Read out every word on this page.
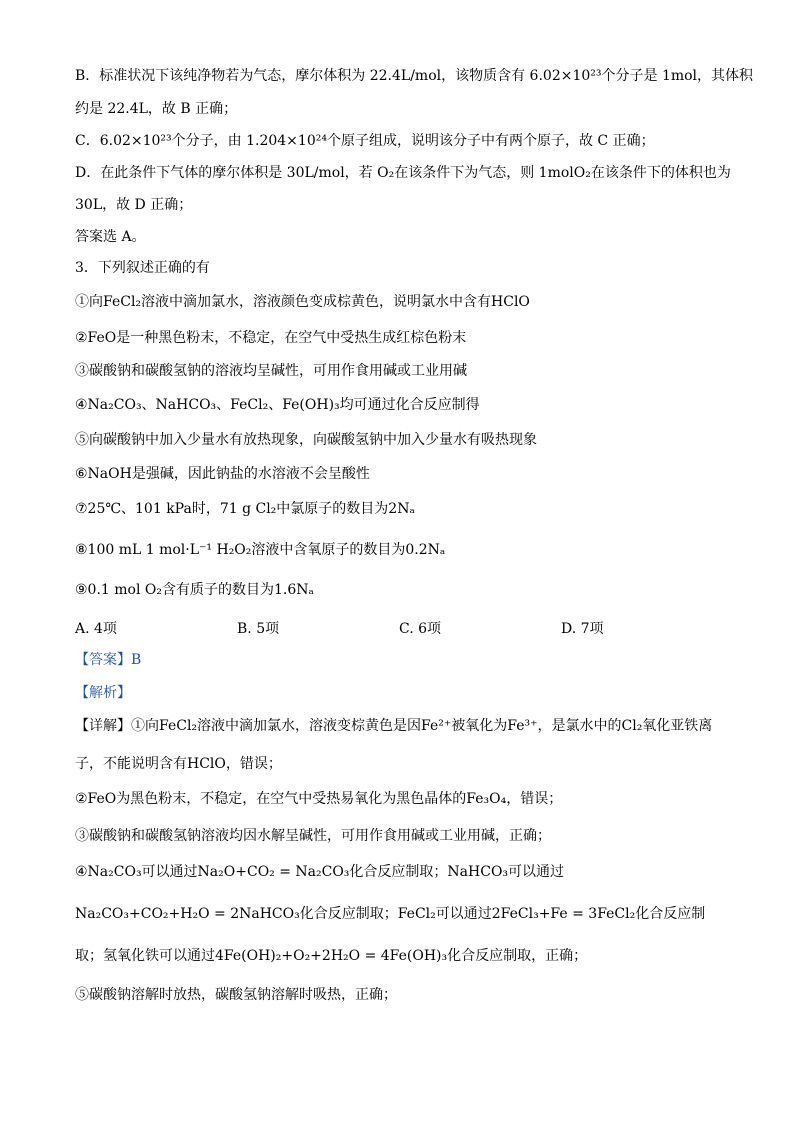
B．标准状况下该纯净物若为气态，摩尔体积为 22.4L/mol，该物质含有 6.02×10²³个分子是 1mol，其体积
约是 22.4L，故 B 正确；
C．6.02×10²³个分子，由 1.204×10²⁴个原子组成，说明该分子中有两个原子，故 C 正确；
D．在此条件下气体的摩尔体积是 30L/mol，若 O₂在该条件下为气态，则 1molO₂在该条件下的体积也为
30L，故 D 正确；
答案选 A。
3．下列叙述正确的有
①向FeCl₂溶液中滴加氯水，溶液颜色变成棕黄色，说明氯水中含有HClO
②FeO是一种黑色粉末，不稳定，在空气中受热生成红棕色粉末
③碳酸钠和碳酸氢钠的溶液均呈碱性，可用作食用碱或工业用碱
④Na₂CO₃、NaHCO₃、FeCl₂、Fe(OH)₃均可通过化合反应制得
⑤向碳酸钠中加入少量水有放热现象，向碳酸氢钠中加入少量水有吸热现象
⑥NaOH是强碱，因此钠盐的水溶液不会呈酸性
⑦25℃、101 kPa时，71 g Cl₂中氯原子的数目为2Nₐ
⑧100 mL 1 mol·L⁻¹ H₂O₂溶液中含氧原子的数目为0.2Nₐ
⑨0.1 mol O₂含有质子的数目为1.6Nₐ
A. 4项	B. 5项	C. 6项	D. 7项
【答案】B
【解析】
【详解】①向FeCl₂溶液中滴加氯水，溶液变棕黄色是因Fe²⁺被氧化为Fe³⁺，是氯水中的Cl₂氧化亚铁离
子，不能说明含有HClO，错误；
②FeO为黑色粉末，不稳定，在空气中受热易氧化为黑色晶体的Fe₃O₄，错误；
③碳酸钠和碳酸氢钠溶液均因水解呈碱性，可用作食用碱或工业用碱，正确；
④Na₂CO₃可以通过Na₂O+CO₂ = Na₂CO₃化合反应制取；NaHCO₃可以通过
Na₂CO₃+CO₂+H₂O = 2NaHCO₃化合反应制取；FeCl₂可以通过2FeCl₃+Fe = 3FeCl₂化合反应制
取；氢氧化铁可以通过4Fe(OH)₂+O₂+2H₂O = 4Fe(OH)₃化合反应制取，正确；
⑤碳酸钠溶解时放热，碳酸氢钠溶解时吸热，正确；
